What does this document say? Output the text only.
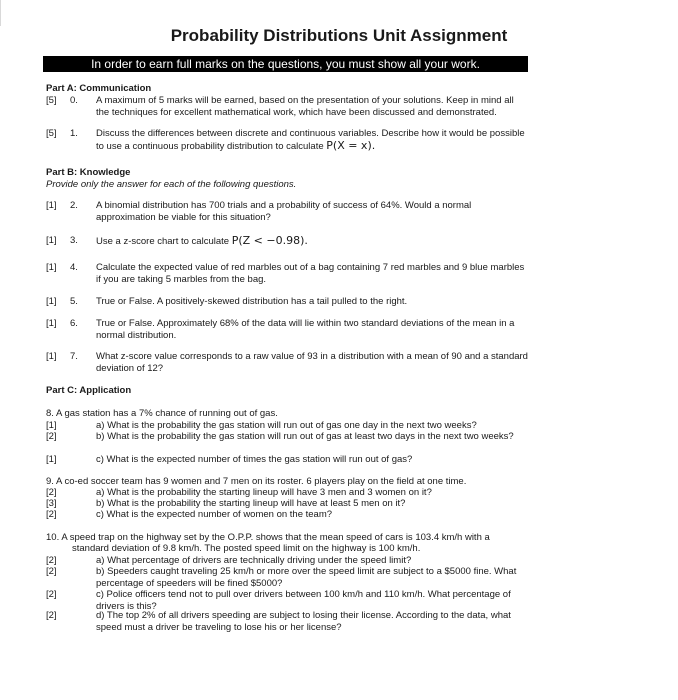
Probability Distributions Unit Assignment
In order to earn full marks on the questions, you must show all your work.
Part A: Communication
[5] 0. A maximum of 5 marks will be earned, based on the presentation of your solutions. Keep in mind all the techniques for excellent mathematical work, which have been discussed and demonstrated.
[5] 1. Discuss the differences between discrete and continuous variables. Describe how it would be possible to use a continuous probability distribution to calculate P(X = x).
Part B: Knowledge
Provide only the answer for each of the following questions.
[1] 2. A binomial distribution has 700 trials and a probability of success of 64%. Would a normal approximation be viable for this situation?
[1] 3. Use a z-score chart to calculate P(Z < −0.98).
[1] 4. Calculate the expected value of red marbles out of a bag containing 7 red marbles and 9 blue marbles if you are taking 5 marbles from the bag.
[1] 5. True or False. A positively-skewed distribution has a tail pulled to the right.
[1] 6. True or False. Approximately 68% of the data will lie within two standard deviations of the mean in a normal distribution.
[1] 7. What z-score value corresponds to a raw value of 93 in a distribution with a mean of 90 and a standard deviation of 12?
Part C: Application
8. A gas station has a 7% chance of running out of gas.
[1]	a) What is the probability the gas station will run out of gas one day in the next two weeks?
[2]	b) What is the probability the gas station will run out of gas at least two days in the next two weeks?
[1]	c) What is the expected number of times the gas station will run out of gas?
9. A co-ed soccer team has 9 women and 7 men on its roster. 6 players play on the field at one time.
[2]	a) What is the probability the starting lineup will have 3 men and 3 women on it?
[3]	b) What is the probability the starting lineup will have at least 5 men on it?
[2]	c) What is the expected number of women on the team?
10. A speed trap on the highway set by the O.P.P. shows that the mean speed of cars is 103.4 km/h with a
standard deviation of 9.8 km/h. The posted speed limit on the highway is 100 km/h.
[2]	a) What percentage of drivers are technically driving under the speed limit?
[2]	b) Speeders caught traveling 25 km/h or more over the speed limit are subject to a $5000 fine. What percentage of speeders will be fined $5000?
[2]	c) Police officers tend not to pull over drivers between 100 km/h and 110 km/h. What percentage of drivers is this?
[2]	d) The top 2% of all drivers speeding are subject to losing their license. According to the data, what speed must a driver be traveling to lose his or her license?
